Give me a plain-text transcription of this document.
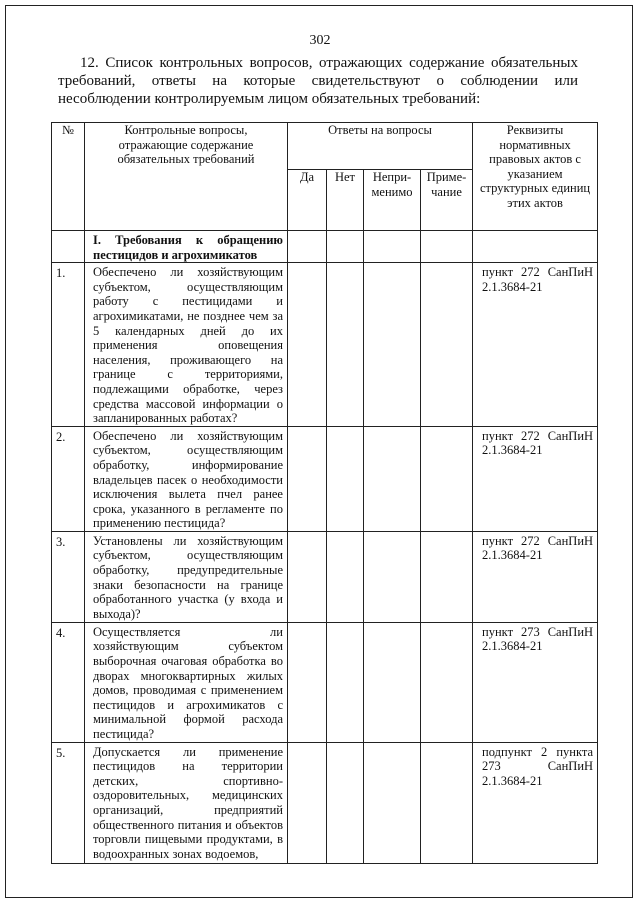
302
12. Список контрольных вопросов, отражающих содержание обязательных требований, ответы на которые свидетельствуют о соблюдении или несоблюдении контролируемым лицом обязательных требований:
№	Контрольные вопросы, отражающие содержание обязательных требований	Ответы на вопросы				Реквизиты нормативных правовых актов с указанием структурных единиц этих актов
		Да	Нет	Непри-менимо	Приме-чание	

	I. Требования к обращению пестицидов и агрохимикатов					

1.	Обеспечено ли хозяйствующим субъектом, осуществляющим работу с пестицидами и агрохимикатами, не позднее чем за 5 календарных дней до их применения оповещения населения, проживающего на границе с территориями, подлежащими обработке, через средства массовой информации о запланированных работах?					пункт 272 СанПиН 2.1.3684-21

2.	Обеспечено ли хозяйствующим субъектом, осуществляющим обработку, информирование владельцев пасек о необходимости исключения вылета пчел ранее срока, указанного в регламенте по применению пестицида?					пункт 272 СанПиН 2.1.3684-21

3.	Установлены ли хозяйствующим субъектом, осуществляющим обработку, предупредительные знаки безопасности на границе обработанного участка (у входа и выхода)?					пункт 272 СанПиН 2.1.3684-21

4.	Осуществляется ли хозяйствующим субъектом выборочная очаговая обработка во дворах многоквартирных жилых домов, проводимая с применением пестицидов и агрохимикатов с минимальной формой расхода пестицида?					пункт 273 СанПиН 2.1.3684-21

5.	Допускается ли применение пестицидов на территории детских, спортивно-оздоровительных, медицинских организаций, предприятий общественного питания и объектов торговли пищевыми продуктами, в водоохранных зонах водоемов,					подпункт 2 пункта 273 СанПиН 2.1.3684-21
